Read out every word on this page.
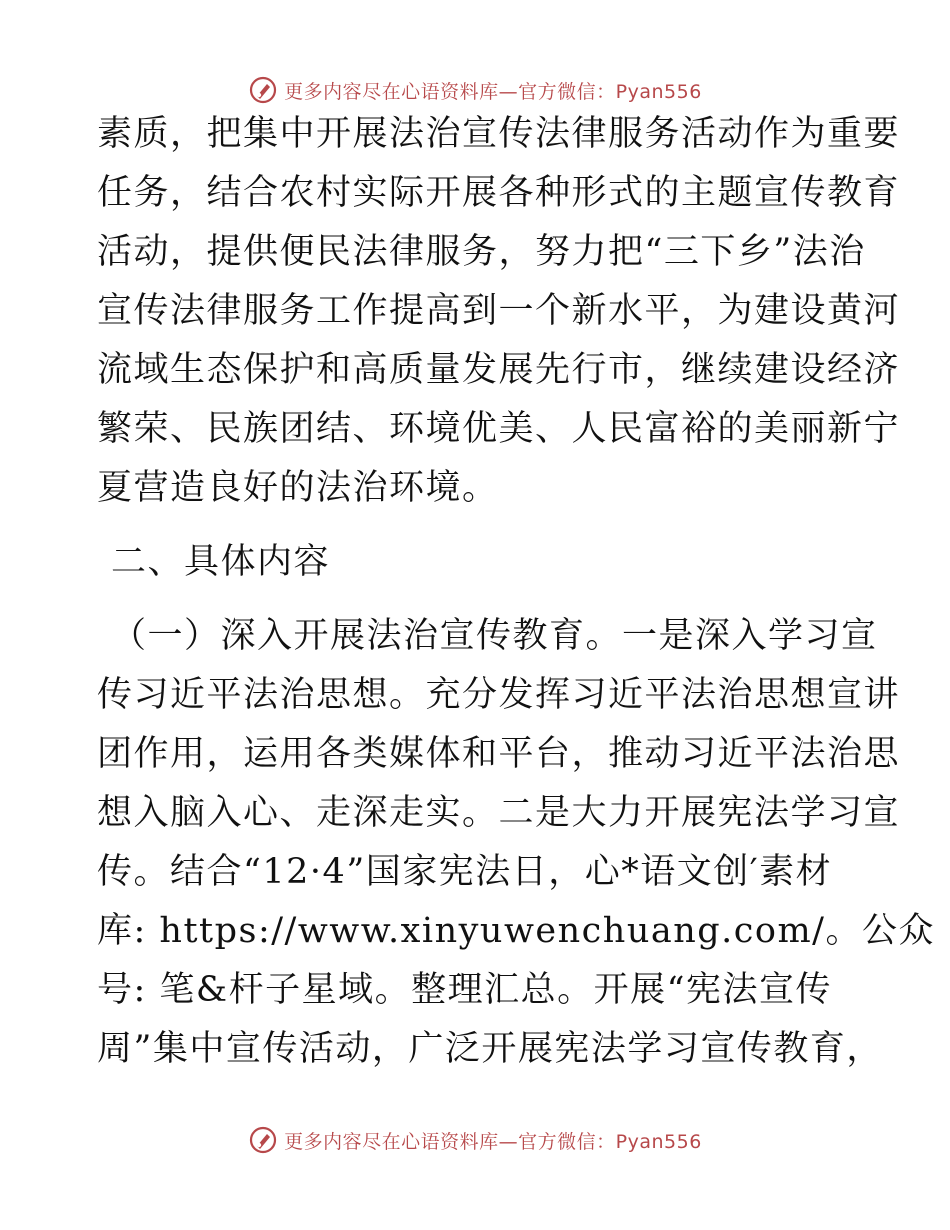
更多内容尽在心语资料库—官方微信：Pyan556
素质，把集中开展法治宣传法律服务活动作为重要
任务，结合农村实际开展各种形式的主题宣传教育
活动，提供便民法律服务，努力把“三下乡”法治
宣传法律服务工作提高到一个新水平，为建设黄河
流域生态保护和高质量发展先行市，继续建设经济
繁荣、民族团结、环境优美、人民富裕的美丽新宁
夏营造良好的法治环境。
二、具体内容
（一）深入开展法治宣传教育。一是深入学习宣
传习近平法治思想。充分发挥习近平法治思想宣讲
团作用，运用各类媒体和平台，推动习近平法治思
想入脑入心、走深走实。二是大力开展宪法学习宣
传。结合“12·4”国家宪法日，心*语文创′素材
库: https://www.xinyuwenchuang.com/。公众
号: 笔&杆子星域。整理汇总。开展“宪法宣传
周”集中宣传活动，广泛开展宪法学习宣传教育，
更多内容尽在心语资料库—官方微信：Pyan556
